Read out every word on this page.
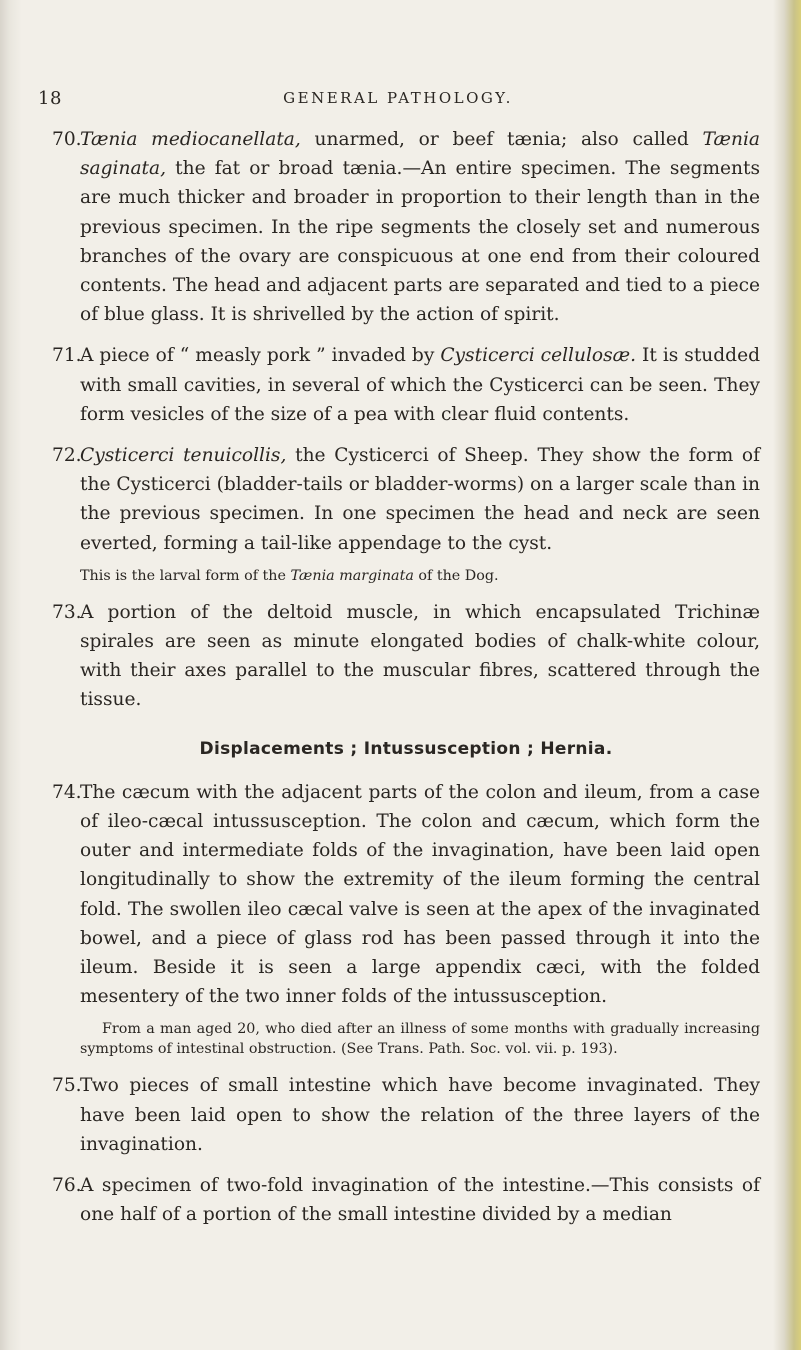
18	GENERAL PATHOLOGY.
70.Tænia mediocanellata, unarmed, or beef tænia; also called Tænia saginata, the fat or broad tænia.—An entire specimen. The segments are much thicker and broader in proportion to their length than in the previous specimen. In the ripe segments the closely set and numerous branches of the ovary are conspicuous at one end from their coloured contents. The head and adjacent parts are separated and tied to a piece of blue glass. It is shrivelled by the action of spirit.
71.A piece of “ measly pork ” invaded by Cysticerci cellulosæ. It is studded with small cavities, in several of which the Cysticerci can be seen. They form vesicles of the size of a pea with clear fluid contents.
72.Cysticerci tenuicollis, the Cysticerci of Sheep. They show the form of the Cysticerci (bladder-tails or bladder-worms) on a larger scale than in the previous specimen. In one specimen the head and neck are seen everted, forming a tail-like appendage to the cyst.
This is the larval form of the Tænia marginata of the Dog.
73.A portion of the deltoid muscle, in which encapsulated Trichinæ spirales are seen as minute elongated bodies of chalk-white colour, with their axes parallel to the muscular fibres, scattered through the tissue.
Displacements ; Intussusception ; Hernia.
74.The cæcum with the adjacent parts of the colon and ileum, from a case of ileo-cæcal intussusception. The colon and cæcum, which form the outer and intermediate folds of the invagination, have been laid open longitudinally to show the extremity of the ileum forming the central fold. The swollen ileo cæcal valve is seen at the apex of the invaginated bowel, and a piece of glass rod has been passed through it into the ileum. Beside it is seen a large appendix cæci, with the folded mesentery of the two inner folds of the intussusception.
From a man aged 20, who died after an illness of some months with gradually increasing symptoms of intestinal obstruction. (See Trans. Path. Soc. vol. vii. p. 193).
75.Two pieces of small intestine which have become invaginated. They have been laid open to show the relation of the three layers of the invagination.
76.A specimen of two-fold invagination of the intestine.—This consists of one half of a portion of the small intestine divided by a median
